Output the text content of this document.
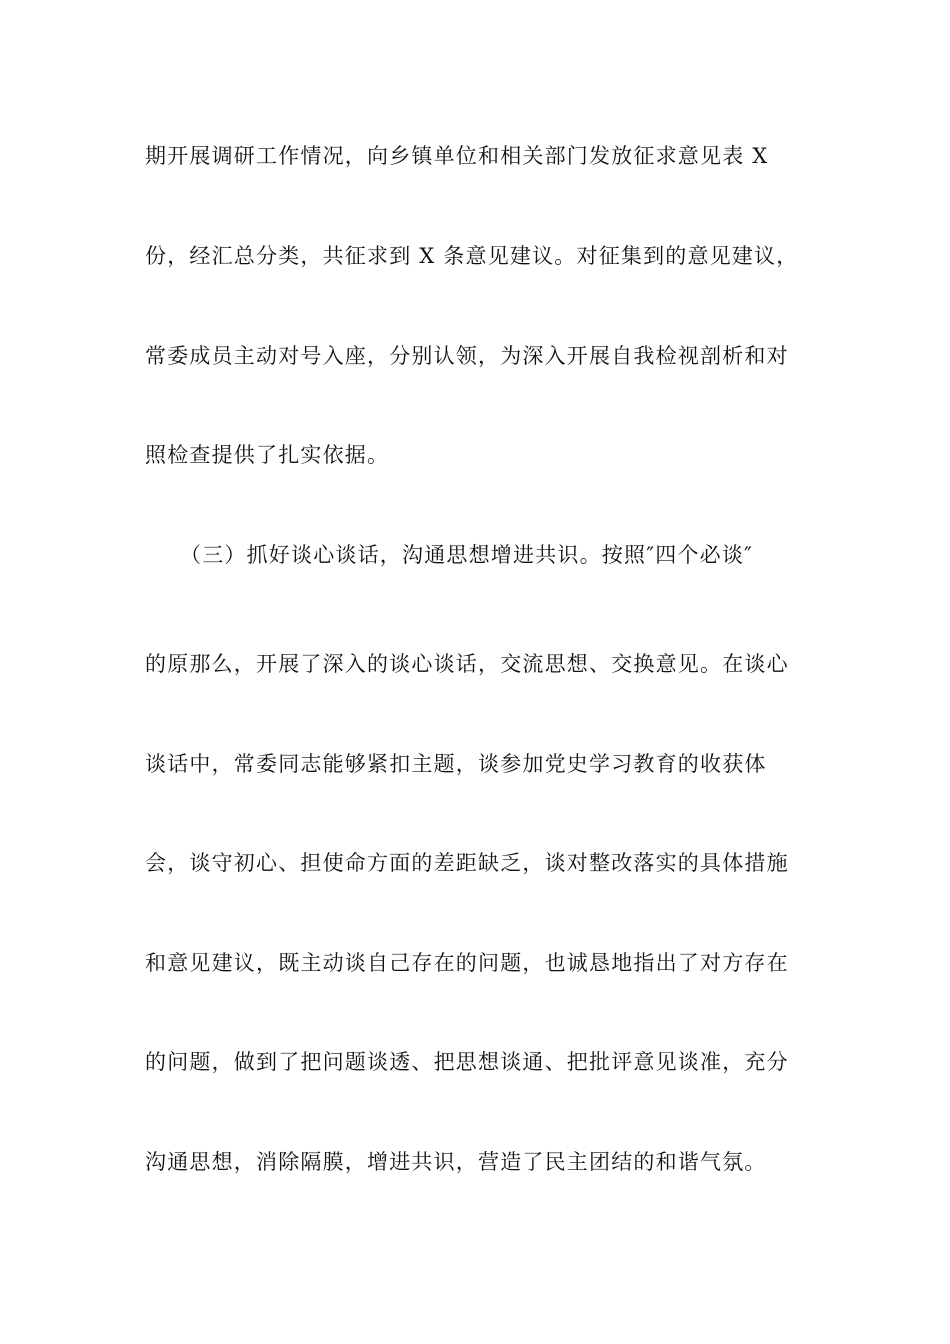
期开展调研工作情况，向乡镇单位和相关部门发放征求意见表 X
份，经汇总分类，共征求到 X 条意见建议。对征集到的意见建议，
常委成员主动对号入座，分别认领，为深入开展自我检视剖析和对
照检查提供了扎实依据。
（三）抓好谈心谈话，沟通思想增进共识。按照″四个必谈″
的原那么，开展了深入的谈心谈话，交流思想、交换意见。在谈心
谈话中，常委同志能够紧扣主题，谈参加党史学习教育的收获体
会，谈守初心、担使命方面的差距缺乏，谈对整改落实的具体措施
和意见建议，既主动谈自己存在的问题，也诚恳地指出了对方存在
的问题，做到了把问题谈透、把思想谈通、把批评意见谈准，充分
沟通思想，消除隔膜，增进共识，营造了民主团结的和谐气氛。
